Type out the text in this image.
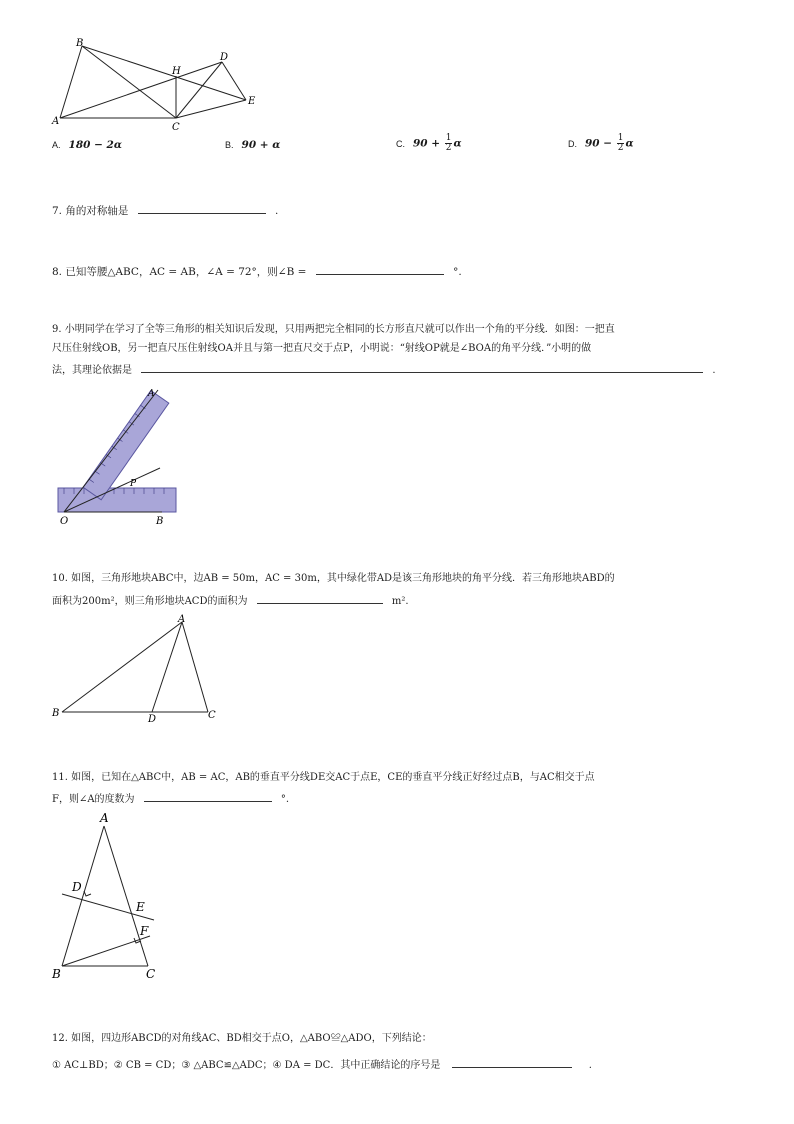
B
D
H
E
A
C
A. 180 − 2α	B. 90 + α	C. $90 + \frac{1}{2}$ α	D. $90 - \frac{1}{2}$ α
7. 角的对称轴是	.
8. 已知等腰△ABC，AC = AB，∠A = 72°，则∠B =	°.
9. 小明同学在学习了全等三角形的相关知识后发现，只用两把完全相同的长方形直尺就可以作出一个角的平分线．如图：一把直
尺压住射线OB，另一把直尺压住射线OA并且与第一把直尺交于点P，小明说：“射线OP就是∠BOA的角平分线．”小明的做
法，其理论依据是	.
A
P
O	B
10. 如图，三角形地块ABC中，边AB = 50m，AC = 30m，其中绿化带AD是该三角形地块的角平分线．若三角形地块ABD的
面积为200m²，则三角形地块ACD的面积为	m².
A
B
D	C
11. 如图，已知在△ABC中，AB = AC，AB的垂直平分线DE交AC于点E，CE的垂直平分线正好经过点B，与AC相交于点
F，则∠A的度数为	°.
A
D
E
F
B	C
12. 如图，四边形ABCD的对角线AC、BD相交于点O，△ABO≌△ADO，下列结论：
① AC⊥BD；② CB = CD；③ △ABC≌△ADC；④ DA = DC．其中正确结论的序号是	.
